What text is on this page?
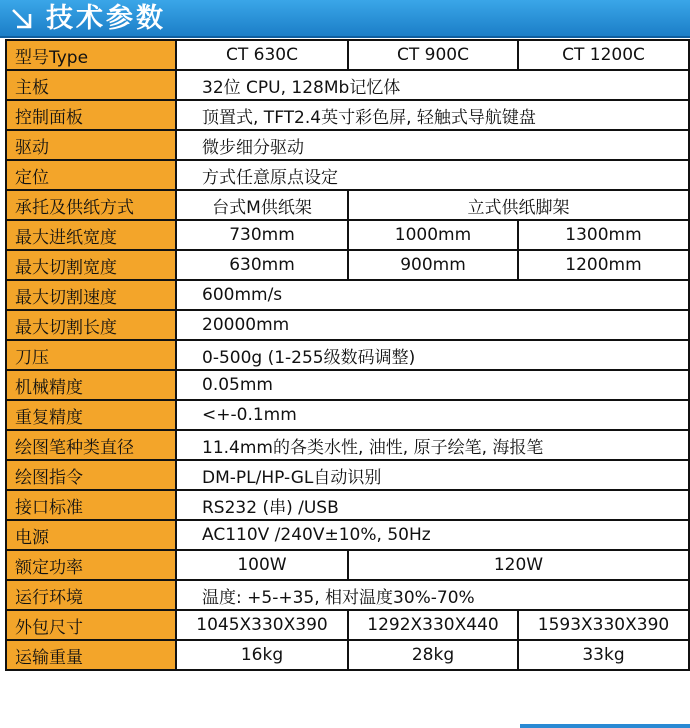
技术参数
型号Type	CT 630C	CT 900C	CT 1200C
主板	32位 CPU, 128Mb记忆体		
控制面板	顶置式, TFT2.4英寸彩色屏, 轻触式导航键盘		
驱动	微步细分驱动		
定位	方式任意原点设定		
承托及供纸方式	台式M供纸架	立式供纸脚架	
最大进纸宽度	730mm	1000mm	1300mm
最大切割宽度	630mm	900mm	1200mm
最大切割速度	600mm/s		
最大切割长度	20000mm		
刀压	0-500g (1-255级数码调整)		
机械精度	0.05mm		
重复精度	<+-0.1mm		
绘图笔种类直径	11.4mm的各类水性, 油性, 原子绘笔, 海报笔		
绘图指令	DM-PL/HP-GL自动识别		
接口标准	RS232 (串) /USB		
电源	AC110V /240V±10%, 50Hz		
额定功率	100W	120W	
运行环境	温度: +5-+35, 相对温度30%-70%		
外包尺寸	1045X330X390	1292X330X440	1593X330X390
运输重量	16kg	28kg	33kg
